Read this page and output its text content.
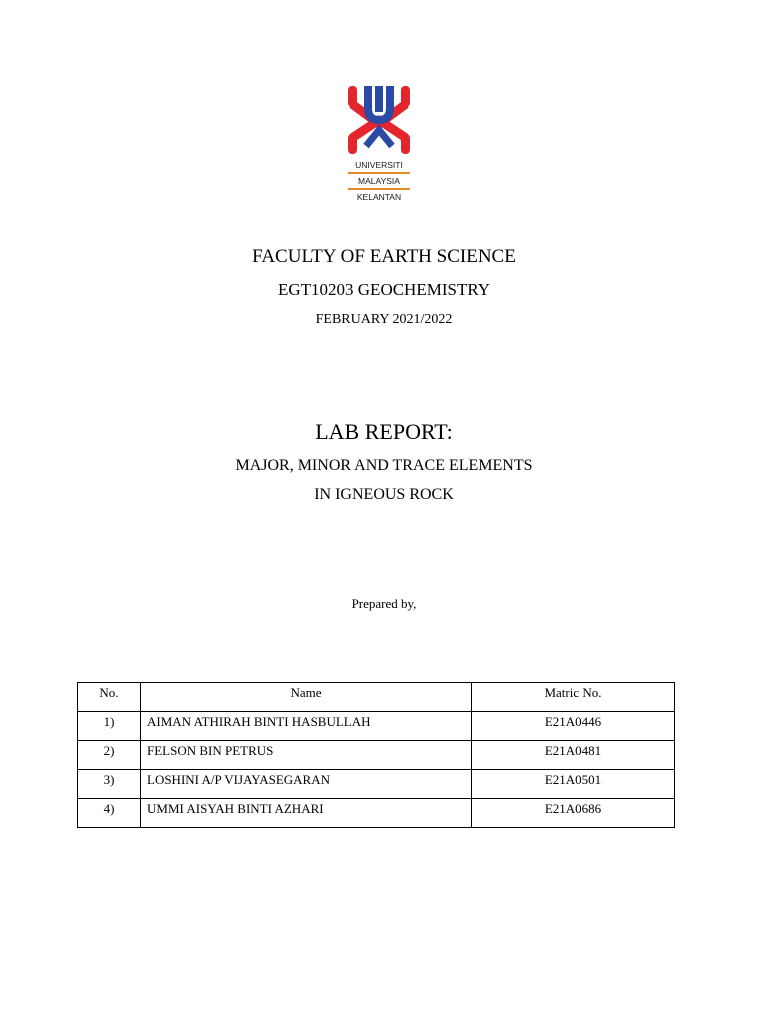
UNIVERSITI
MALAYSIA
KELANTAN
FACULTY OF EARTH SCIENCE
EGT10203 GEOCHEMISTRY
FEBRUARY 2021/2022
LAB REPORT:
MAJOR, MINOR AND TRACE ELEMENTS
IN IGNEOUS ROCK
Prepared by,
No.	Name	Matric No.
1)	AIMAN ATHIRAH BINTI HASBULLAH	E21A0446
2)	FELSON BIN PETRUS	E21A0481
3)	LOSHINI A/P VIJAYASEGARAN	E21A0501
4)	UMMI AISYAH BINTI AZHARI	E21A0686
